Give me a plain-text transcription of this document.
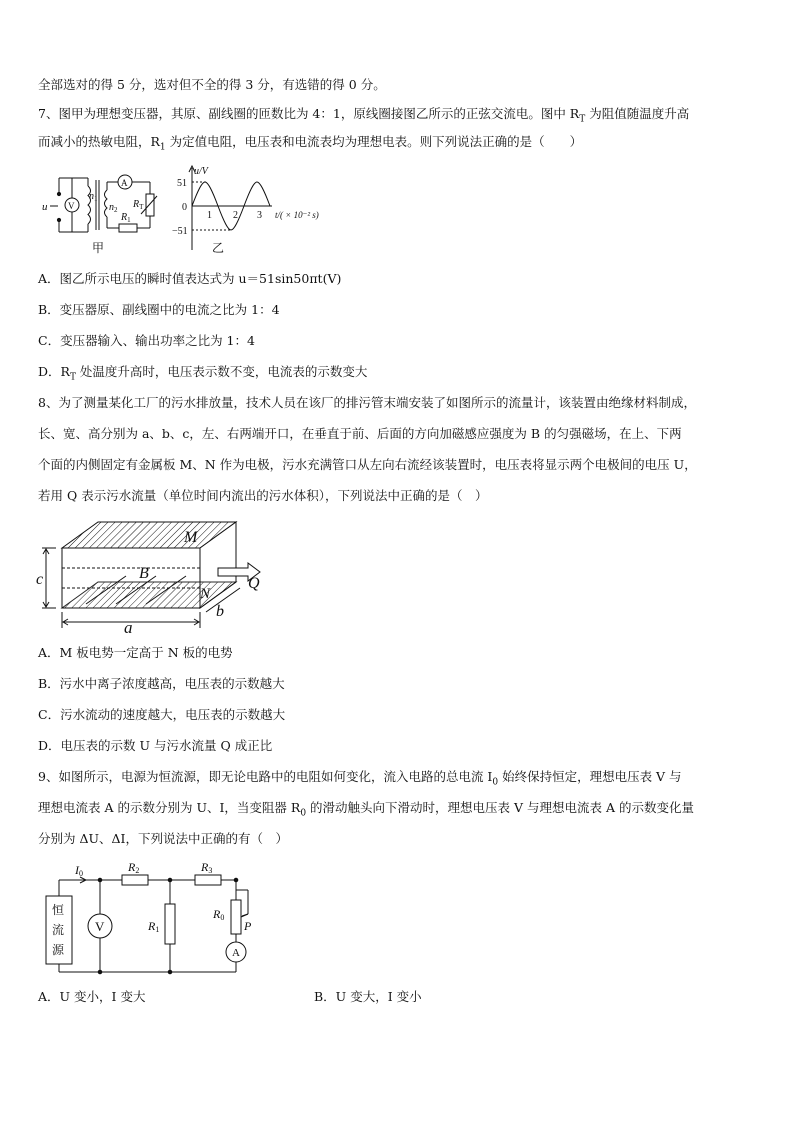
全部选对的得 5 分，选对但不全的得 3 分，有选错的得 0 分。
7、图甲为理想变压器，其原、副线圈的匝数比为 4：1，原线圈接图乙所示的正弦交流电。图中 $R_T$ 为阻值随温度升高
而减小的热敏电阻，$R_1$ 为定值电阻，电压表和电流表均为理想电表。则下列说法正确的是（　　）
u V
A
$n_1$
$n_2$
$R_1$
$R_T$
甲
u/V
51
0
−51
1 2 3 t/( × 10⁻² s)
乙
A．图乙所示电压的瞬时值表达式为 u＝51sin50πt(V)
B．变压器原、副线圈中的电流之比为 1：4
C．变压器输入、输出功率之比为 1：4
D．$R_T$ 处温度升高时，电压表示数不变，电流表的示数变大
8、为了测量某化工厂的污水排放量，技术人员在该厂的排污管末端安装了如图所示的流量计，该装置由绝缘材料制成，
长、宽、高分别为 a、b、c，左、右两端开口，在垂直于前、后面的方向加磁感应强度为 B 的匀强磁场，在上、下两
个面的内侧固定有金属板 M、N 作为电极，污水充满管口从左向右流经该装置时，电压表将显示两个电极间的电压 U，
若用 Q 表示污水流量（单位时间内流出的污水体积），下列说法中正确的是（　）
M
N
B
Q
c
a
b
A．M 板电势一定高于 N 板的电势
B．污水中离子浓度越高，电压表的示数越大
C．污水流动的速度越大，电压表的示数越大
D．电压表的示数 U 与污水流量 Q 成正比
9、如图所示，电源为恒流源，即无论电路中的电阻如何变化，流入电路的总电流 $I_0$ 始终保持恒定，理想电压表 V 与
理想电流表 A 的示数分别为 U、I，当变阻器 $R_0$ 的滑动触头向下滑动时，理想电压表 V 与理想电流表 A 的示数变化量
分别为 ΔU、ΔI，下列说法中正确的有（　）
恒
流
源
I0	R2	R3
R1
R0
P
V
A
A．U 变小，I 变大	B．U 变大，I 变小
